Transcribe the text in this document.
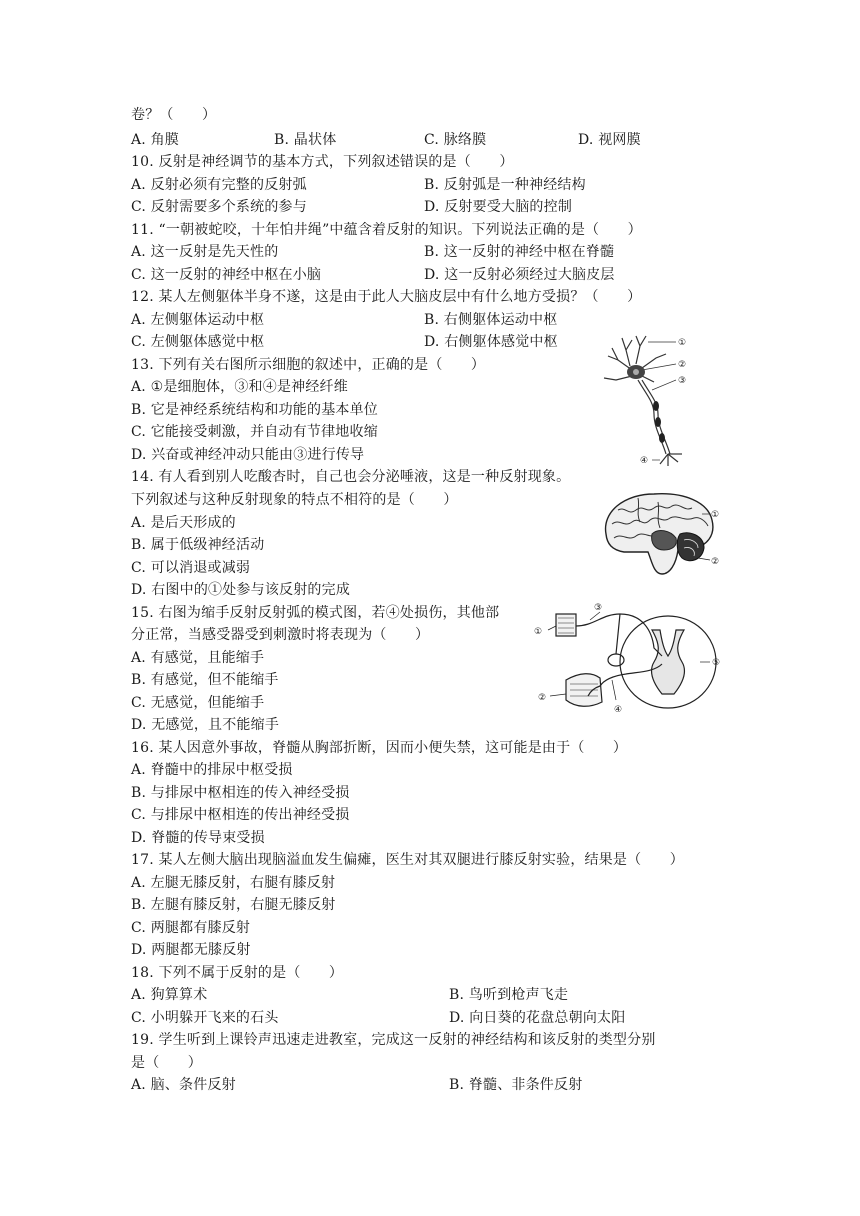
卷？（　　）
A. 角膜	B. 晶状体	C. 脉络膜	D. 视网膜
10. 反射是神经调节的基本方式，下列叙述错误的是（　　）
A. 反射必须有完整的反射弧	B. 反射弧是一种神经结构
C. 反射需要多个系统的参与	D. 反射要受大脑的控制
11. “一朝被蛇咬，十年怕井绳”中蕴含着反射的知识。下列说法正确的是（　　）
A. 这一反射是先天性的	B. 这一反射的神经中枢在脊髓
C. 这一反射的神经中枢在小脑	D. 这一反射必须经过大脑皮层
12. 某人左侧躯体半身不遂，这是由于此人大脑皮层中有什么地方受损？（　　）
A. 左侧躯体运动中枢	B. 右侧躯体运动中枢
C. 左侧躯体感觉中枢	D. 右侧躯体感觉中枢
13. 下列有关右图所示细胞的叙述中，正确的是（　　）
A. ①是细胞体，③和④是神经纤维
B. 它是神经系统结构和功能的基本单位
C. 它能接受刺激，并自动有节律地收缩
D. 兴奋或神经冲动只能由③进行传导
14. 有人看到别人吃酸杏时，自己也会分泌唾液，这是一种反射现象。
下列叙述与这种反射现象的特点不相符的是（　　）
A. 是后天形成的
B. 属于低级神经活动
C. 可以消退或减弱
D. 右图中的①处参与该反射的完成
15. 右图为缩手反射反射弧的模式图，若④处损伤，其他部
分正常，当感受器受到刺激时将表现为（　　）
A. 有感觉，且能缩手
B. 有感觉，但不能缩手
C. 无感觉，但能缩手
D. 无感觉，且不能缩手
16. 某人因意外事故，脊髓从胸部折断，因而小便失禁，这可能是由于（　　）
A. 脊髓中的排尿中枢受损
B. 与排尿中枢相连的传入神经受损
C. 与排尿中枢相连的传出神经受损
D. 脊髓的传导束受损
17. 某人左侧大脑出现脑溢血发生偏瘫，医生对其双腿进行膝反射实验，结果是（　　）
A. 左腿无膝反射，右腿有膝反射
B. 左腿有膝反射，右腿无膝反射
C. 两腿都有膝反射
D. 两腿都无膝反射
18. 下列不属于反射的是（　　）
A. 狗算算术	B. 鸟听到枪声飞走
C. 小明躲开飞来的石头	D. 向日葵的花盘总朝向太阳
19. 学生听到上课铃声迅速走进教室，完成这一反射的神经结构和该反射的类型分别
是（　　）
A. 脑、条件反射	B. 脊髓、非条件反射
①
②
③
④
①
②
①
②
③
④
⑤
